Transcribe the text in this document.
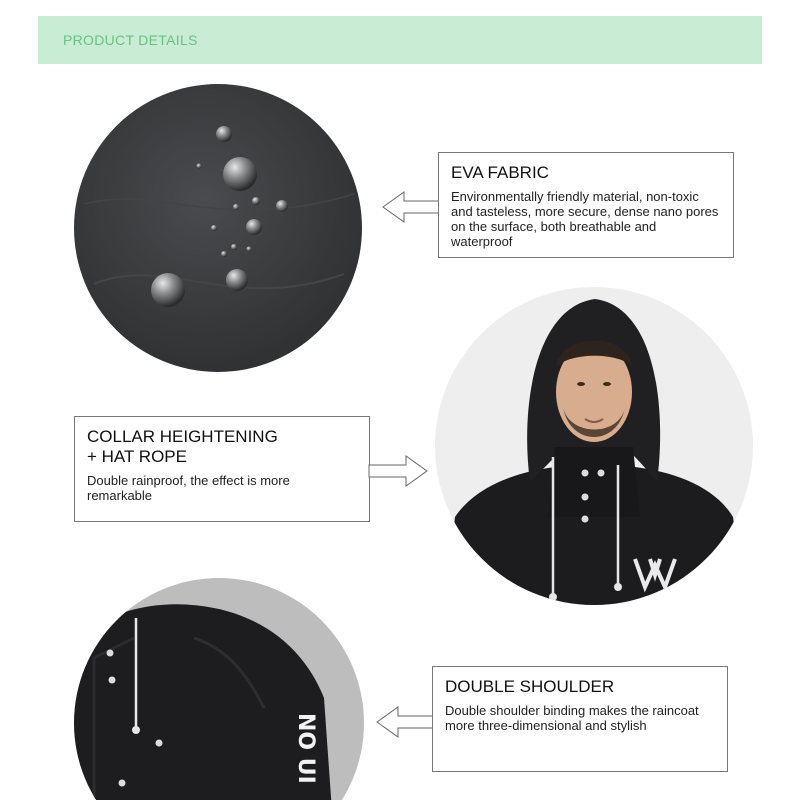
PRODUCT DETAILS
EVA FABRIC
Environmentally friendly material, non-toxic and tasteless, more secure, dense nano pores on the surface, both breathable and waterproof
COLLAR HEIGHTENING
+ HAT ROPE
Double rainproof, the effect is more remarkable
NO UI
DOUBLE SHOULDER
Double shoulder binding makes the raincoat more three-dimensional and stylish
